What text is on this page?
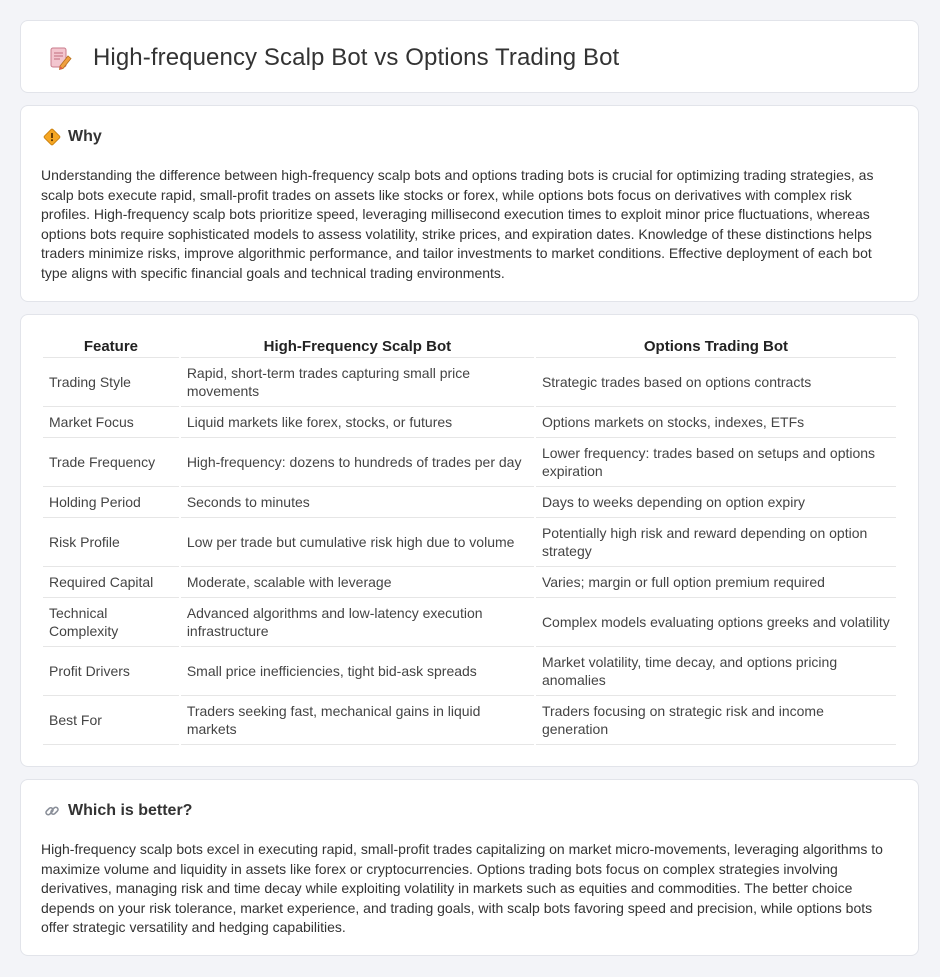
High-frequency Scalp Bot vs Options Trading Bot
Why

Understanding the difference between high-frequency scalp bots and options trading bots is crucial for optimizing trading strategies, as scalp bots execute rapid, small-profit trades on assets like stocks or forex, while options bots focus on derivatives with complex risk profiles. High-frequency scalp bots prioritize speed, leveraging millisecond execution times to exploit minor price fluctuations, whereas options bots require sophisticated models to assess volatility, strike prices, and expiration dates. Knowledge of these distinctions helps traders minimize risks, improve algorithmic performance, and tailor investments to market conditions. Effective deployment of each bot type aligns with specific financial goals and technical trading environments.

Feature	High-Frequency Scalp Bot	Options Trading Bot
Trading Style	Rapid, short-term trades capturing small price movements	Strategic trades based on options contracts
Market Focus	Liquid markets like forex, stocks, or futures	Options markets on stocks, indexes, ETFs
Trade Frequency	High-frequency: dozens to hundreds of trades per day	Lower frequency: trades based on setups and options expiration
Holding Period	Seconds to minutes	Days to weeks depending on option expiry
Risk Profile	Low per trade but cumulative risk high due to volume	Potentially high risk and reward depending on option strategy
Required Capital	Moderate, scalable with leverage	Varies; margin or full option premium required
Technical Complexity	Advanced algorithms and low-latency execution infrastructure	Complex models evaluating options greeks and volatility
Profit Drivers	Small price inefficiencies, tight bid-ask spreads	Market volatility, time decay, and options pricing anomalies
Best For	Traders seeking fast, mechanical gains in liquid markets	Traders focusing on strategic risk and income generation
Which is better?

High-frequency scalp bots excel in executing rapid, small-profit trades capitalizing on market micro-movements, leveraging algorithms to maximize volume and liquidity in assets like forex or cryptocurrencies. Options trading bots focus on complex strategies involving derivatives, managing risk and time decay while exploiting volatility in markets such as equities and commodities. The better choice depends on your risk tolerance, market experience, and trading goals, with scalp bots favoring speed and precision, while options bots offer strategic versatility and hedging capabilities.
